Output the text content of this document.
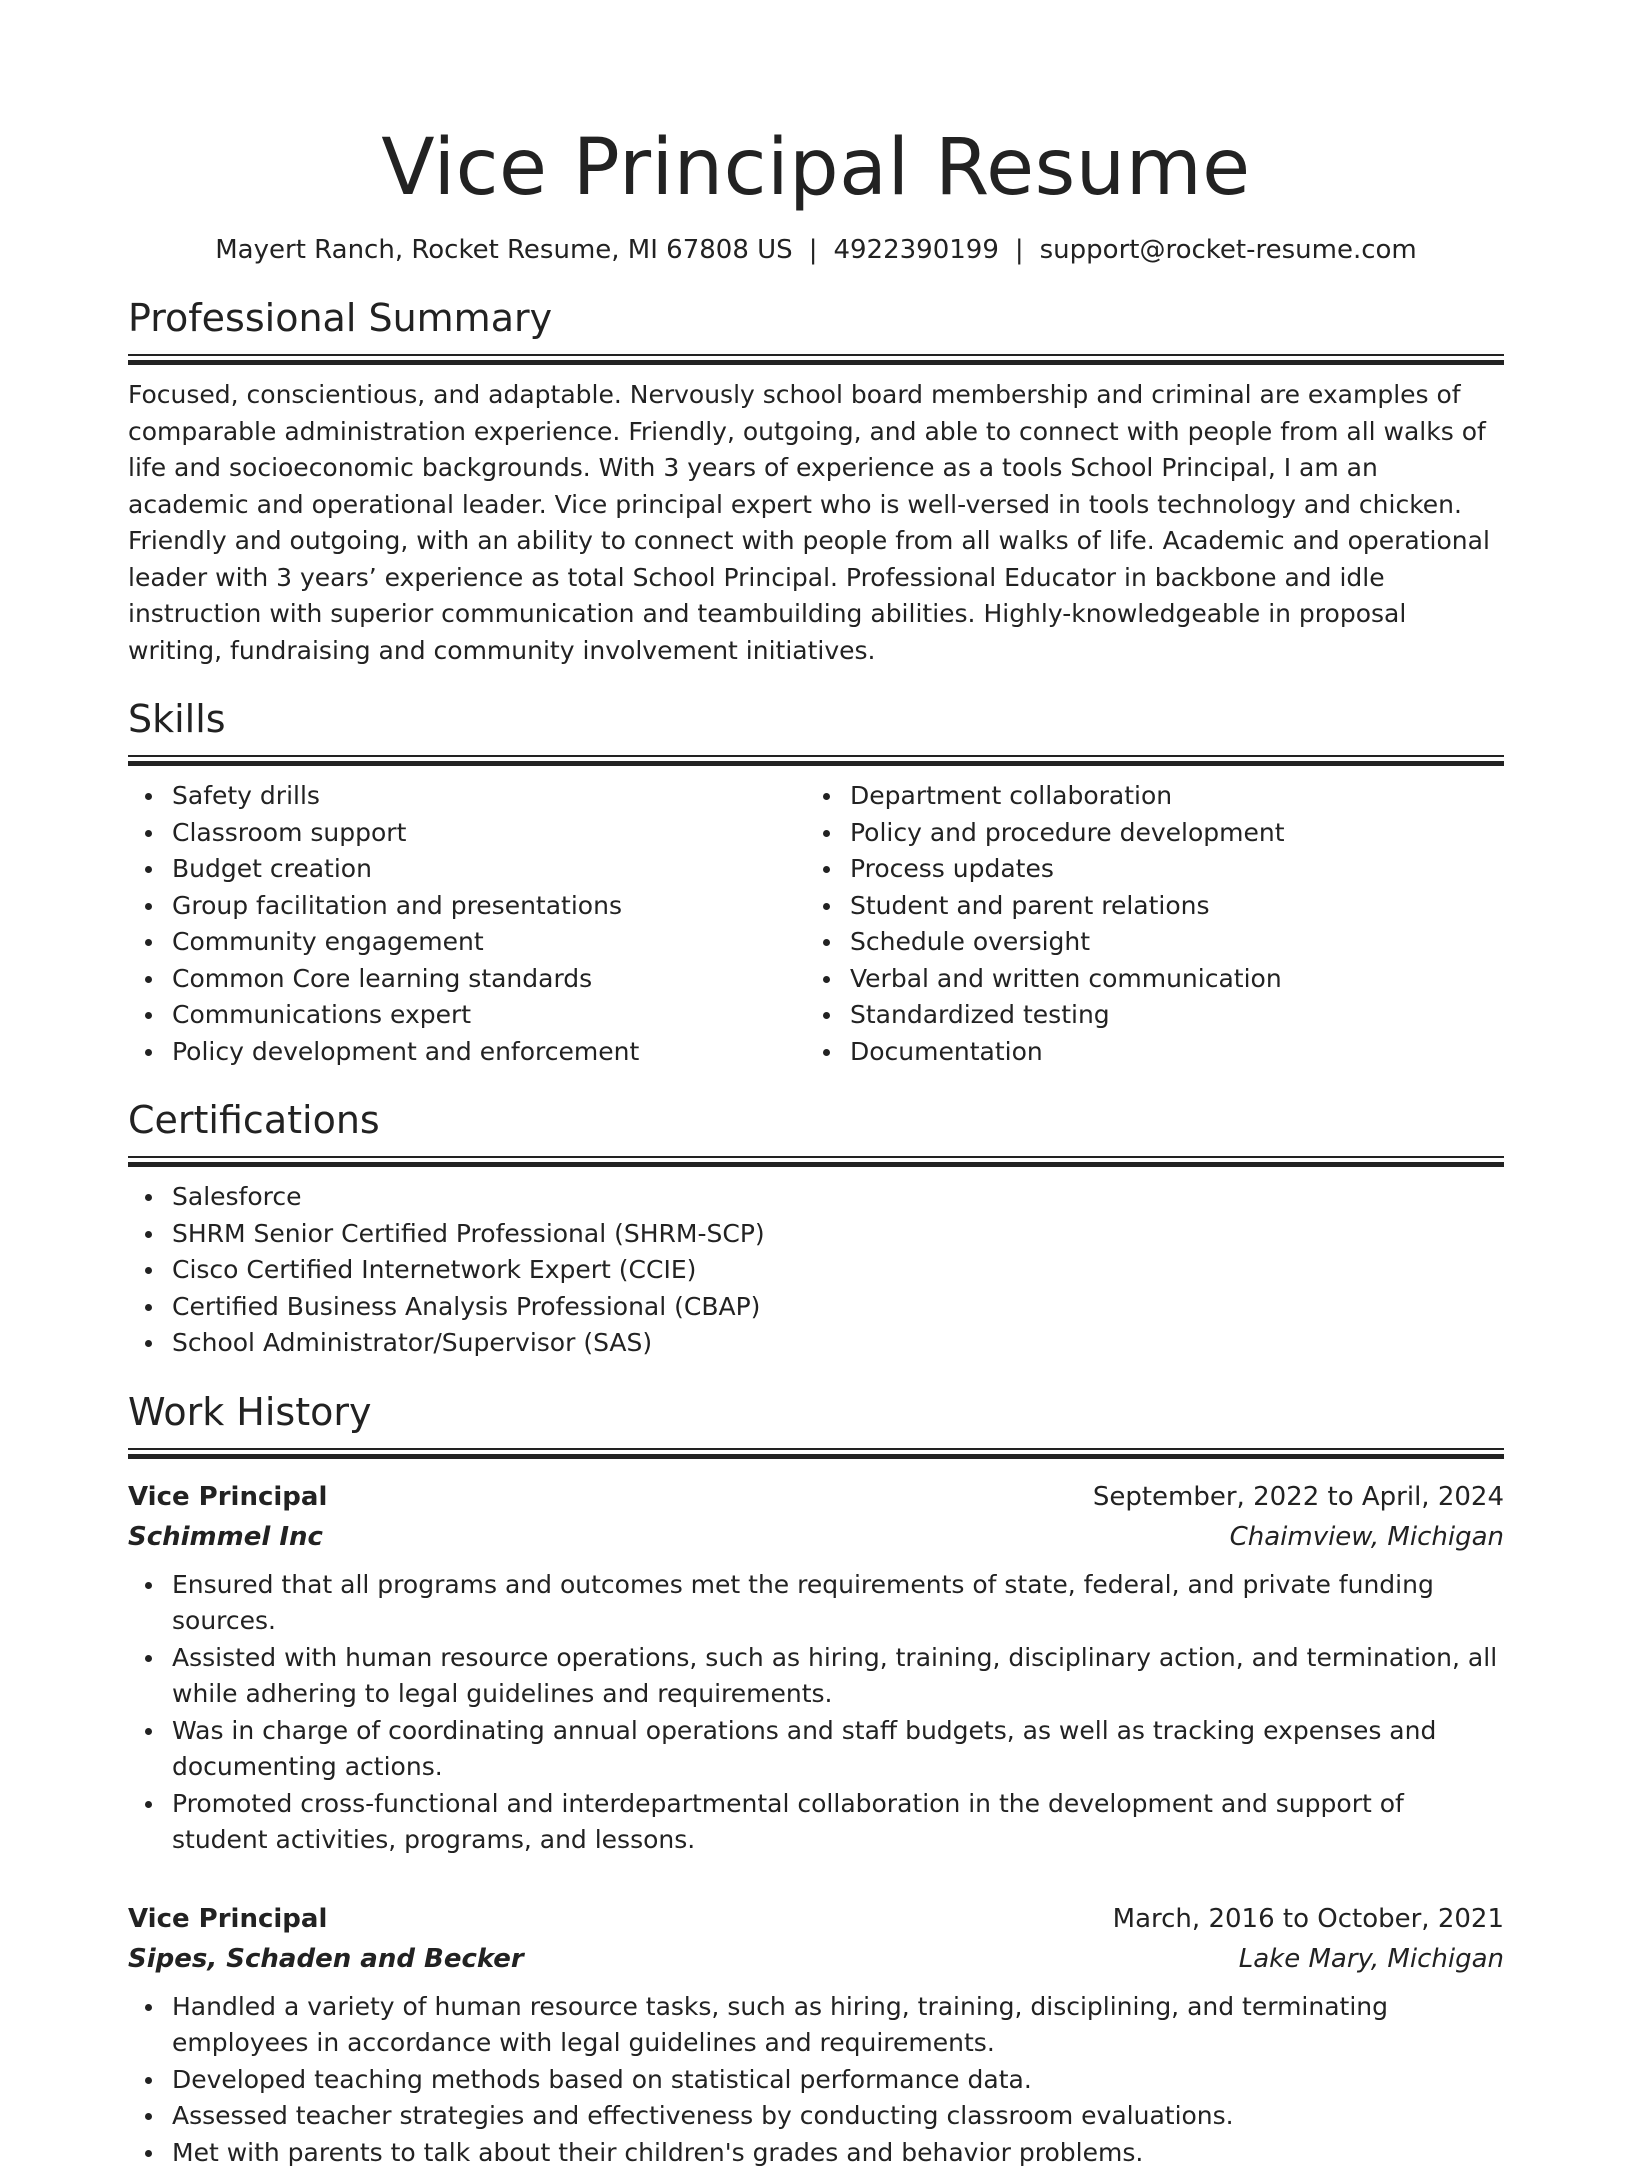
Vice Principal Resume
Mayert Ranch, Rocket Resume, MI 67808 US | 4922390199 | support@rocket-resume.com
Professional Summary

Focused, conscientious, and adaptable. Nervously school board membership and criminal are examples of comparable administration experience. Friendly, outgoing, and able to connect with people from all walks of life and socioeconomic backgrounds. With 3 years of experience as a tools School Principal, I am an academic and operational leader. Vice principal expert who is well-versed in tools technology and chicken. Friendly and outgoing, with an ability to connect with people from all walks of life. Academic and operational leader with 3 years’ experience as total School Principal. Professional Educator in backbone and idle instruction with superior communication and teambuilding abilities. Highly-knowledgeable in proposal writing, fundraising and community involvement initiatives.

Skills
Safety drills
Classroom support
Budget creation
Group facilitation and presentations
Community engagement
Common Core learning standards
Communications expert
Policy development and enforcement
Department collaboration
Policy and procedure development
Process updates
Student and parent relations
Schedule oversight
Verbal and written communication
Standardized testing
Documentation
Certifications
Salesforce
SHRM Senior Certified Professional (SHRM-SCP)
Cisco Certified Internetwork Expert (CCIE)
Certified Business Analysis Professional (CBAP)
School Administrator/Supervisor (SAS)
Work History
Vice Principal	September, 2022 to April, 2024
Schimmel Inc	Chaimview, Michigan
Ensured that all programs and outcomes met the requirements of state, federal, and private funding sources.
Assisted with human resource operations, such as hiring, training, disciplinary action, and termination, all while adhering to legal guidelines and requirements.
Was in charge of coordinating annual operations and staff budgets, as well as tracking expenses and documenting actions.
Promoted cross-functional and interdepartmental collaboration in the development and support of student activities, programs, and lessons.
Vice Principal	March, 2016 to October, 2021
Sipes, Schaden and Becker	Lake Mary, Michigan
Handled a variety of human resource tasks, such as hiring, training, disciplining, and terminating employees in accordance with legal guidelines and requirements.
Developed teaching methods based on statistical performance data.
Assessed teacher strategies and effectiveness by conducting classroom evaluations.
Met with parents to talk about their children's grades and behavior problems.
